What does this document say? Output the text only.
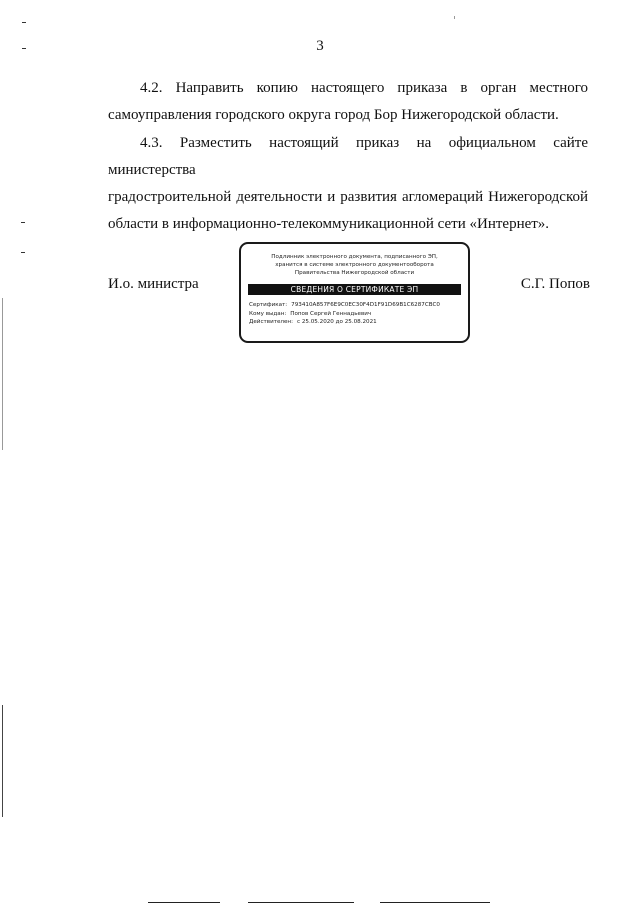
3
4.2. Направить копию настоящего приказа в орган местного
самоуправления городского округа город Бор Нижегородской области.
4.3. Разместить настоящий приказ на официальном сайте министерства
градостроительной деятельности и развития агломераций Нижегородской
области в информационно-телекоммуникационной сети «Интернет».
И.о. министра
Подлинник электронного документа, подписанного ЭП,
хранится в системе электронного документооборота
Правительства Нижегородской области
СВЕДЕНИЯ О СЕРТИФИКАТЕ ЭП
Сертификат: 793410A857F6E9C0EC30F4D1F91D69B1C6287CBC0
Кому выдан: Попов Сергей Геннадьевич
Действителен: с 25.05.2020 до 25.08.2021
С.Г. Попов
